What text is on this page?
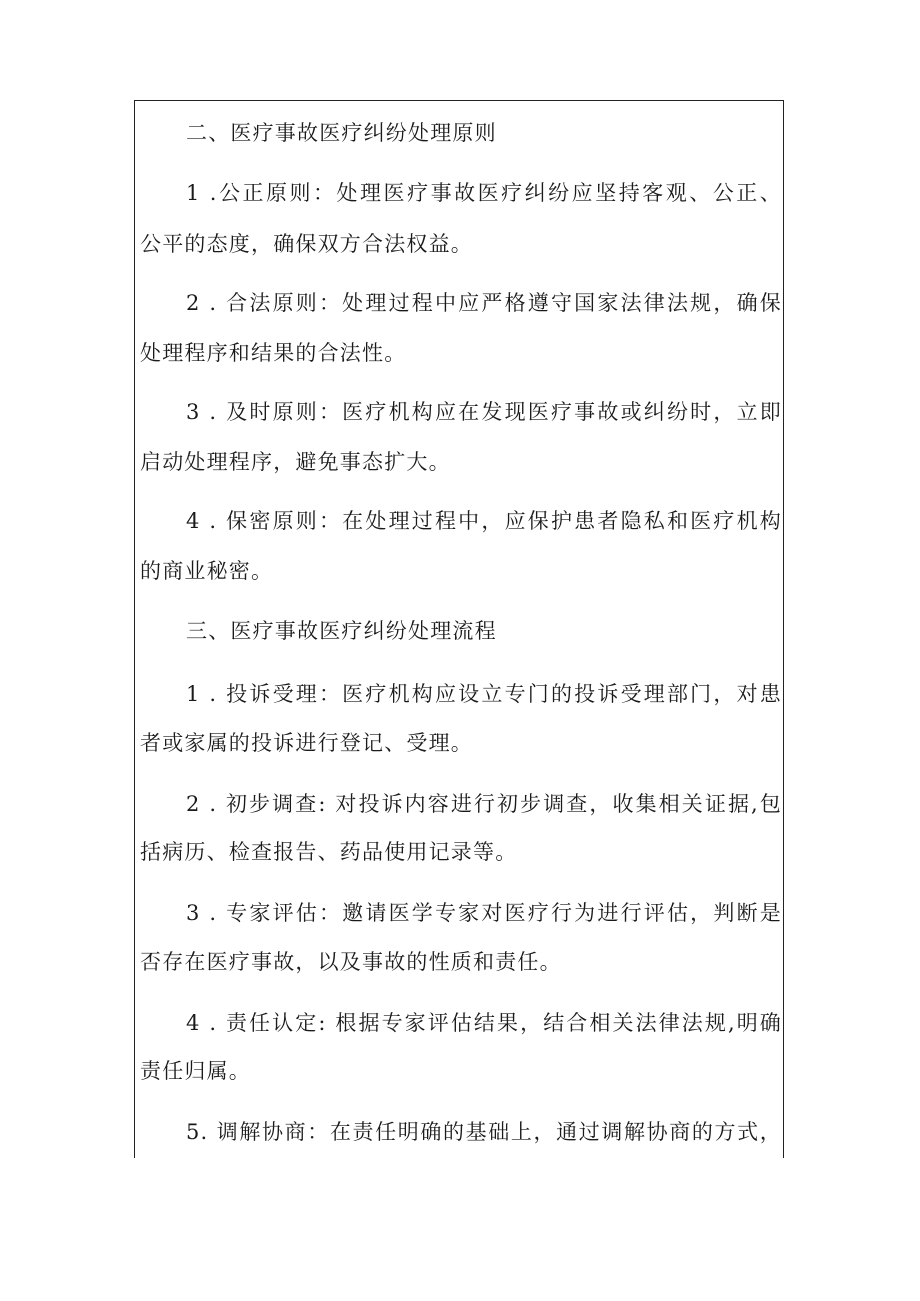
二、医疗事故医疗纠纷处理原则
1 .公正原则：处理医疗事故医疗纠纷应坚持客观、公正、
公平的态度，确保双方合法权益。
2 . 合法原则：处理过程中应严格遵守国家法律法规，确保
处理程序和结果的合法性。
3 . 及时原则：医疗机构应在发现医疗事故或纠纷时，立即
启动处理程序，避免事态扩大。
4 . 保密原则：在处理过程中，应保护患者隐私和医疗机构
的商业秘密。
三、医疗事故医疗纠纷处理流程
1 . 投诉受理：医疗机构应设立专门的投诉受理部门，对患
者或家属的投诉进行登记、受理。
2 . 初步调查: 对投诉内容进行初步调查，收集相关证据,包
括病历、检查报告、药品使用记录等。
3 . 专家评估：邀请医学专家对医疗行为进行评估，判断是
否存在医疗事故，以及事故的性质和责任。
4 . 责任认定: 根据专家评估结果，结合相关法律法规,明确
责任归属。
5. 调解协商：在责任明确的基础上，通过调解协商的方式，
